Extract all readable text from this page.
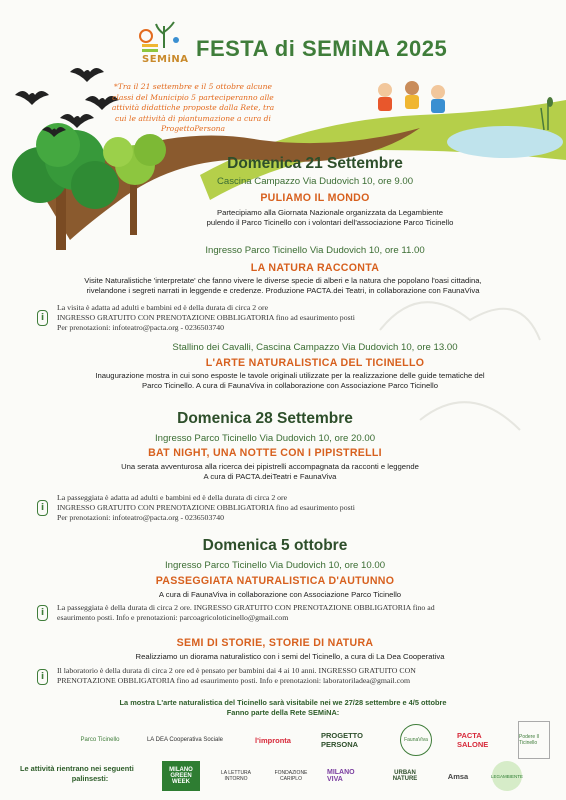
SEMiNA FESTA di SEMiNA 2025
*Tra il 21 settembre e il 5 ottobre alcune classi del Municipio 5 parteciperanno alle attività didattiche proposte dalla Rete, tra cui le attività di piantumazione a cura di ProgettoPersona
Domenica 21 Settembre
Cascina Campazzo Via Dudovich 10, ore 9.00
PULIAMO IL MONDO
Partecipiamo alla Giornata Nazionale organizzata da Legambiente
pulendo il Parco Ticinello con i volontari dell'associazione Parco Ticinello
Ingresso Parco Ticinello Via Dudovich 10, ore 11.00
LA NATURA RACCONTA
Visite Naturalistiche 'interpretate' che fanno vivere le diverse specie di alberi e la natura che popolano l'oasi cittadina,
rivelandone i segreti narrati in leggende e credenze. Produzione PACTA.dei Teatri, in collaborazione con FaunaViva
i
La visita è adatta ad adulti e bambini ed è della durata di circa 2 ore
INGRESSO GRATUITO CON PRENOTAZIONE OBBLIGATORIA fino ad esaurimento posti
Per prenotazioni: infoteatro@pacta.org - 0236503740
Stallino dei Cavalli, Cascina Campazzo Via Dudovich 10, ore 13.00
L'ARTE NATURALISTICA DEL TICINELLO
Inaugurazione mostra in cui sono esposte le tavole originali utilizzate per la realizzazione delle guide tematiche del
Parco Ticinello. A cura di FaunaViva in collaborazione con Associazione Parco Ticinello
Domenica 28 Settembre
Ingresso Parco Ticinello Via Dudovich 10, ore 20.00
BAT NIGHT, UNA NOTTE CON I PIPISTRELLI
Una serata avventurosa alla ricerca dei pipistrelli accompagnata da racconti e leggende
A cura di PACTA.deiTeatri e FaunaViva
i
La passeggiata è adatta ad adulti e bambini ed è della durata di circa 2 ore
INGRESSO GRATUITO CON PRENOTAZIONE OBBLIGATORIA fino ad esaurimento posti
Per prenotazioni: infoteatro@pacta.org - 0236503740
Domenica 5 ottobre
Ingresso Parco Ticinello Via Dudovich 10, ore 10.00
PASSEGGIATA NATURALISTICA D'AUTUNNO
A cura di FaunaViva in collaborazione con Associazione Parco Ticinello
i
La passeggiata è della durata di circa 2 ore. INGRESSO GRATUITO CON PRENOTAZIONE OBBLIGATORIA fino ad
esaurimento posti. Info e prenotazioni: parcoagricoloticinello@gmail.com
SEMI DI STORIE, STORIE DI NATURA
Realizziamo un diorama naturalistico con i semi del Ticinello, a cura di La Dea Cooperativa
i
Il laboratorio è della durata di circa 2 ore ed è pensato per bambini dai 4 ai 10 anni. INGRESSO GRATUITO CON
PRENOTAZIONE OBBLIGATORIA fino ad esaurimento posti. Info e prenotazioni: laboratoriladea@gmail.com
La mostra L'arte naturalistica del Ticinello sarà visitabile nei we 27/28 settembre e 4/5 ottobre
Fanno parte della Rete SEMiNA:
Parco Ticinello	LA DEA Cooperativa Sociale	l'impronta	PROGETTO PERSONA	FaunaViva	PACTA SALONE
Podere Il Ticinello
Le attività rientrano nei seguenti
palinsesti:
MILANO GREEN WEEK
LA LETTURA INTORNO
FONDAZIONE CARIPLO
MILANO VIVA
URBAN NATURE	Amsa	LEGAMBIENTE
